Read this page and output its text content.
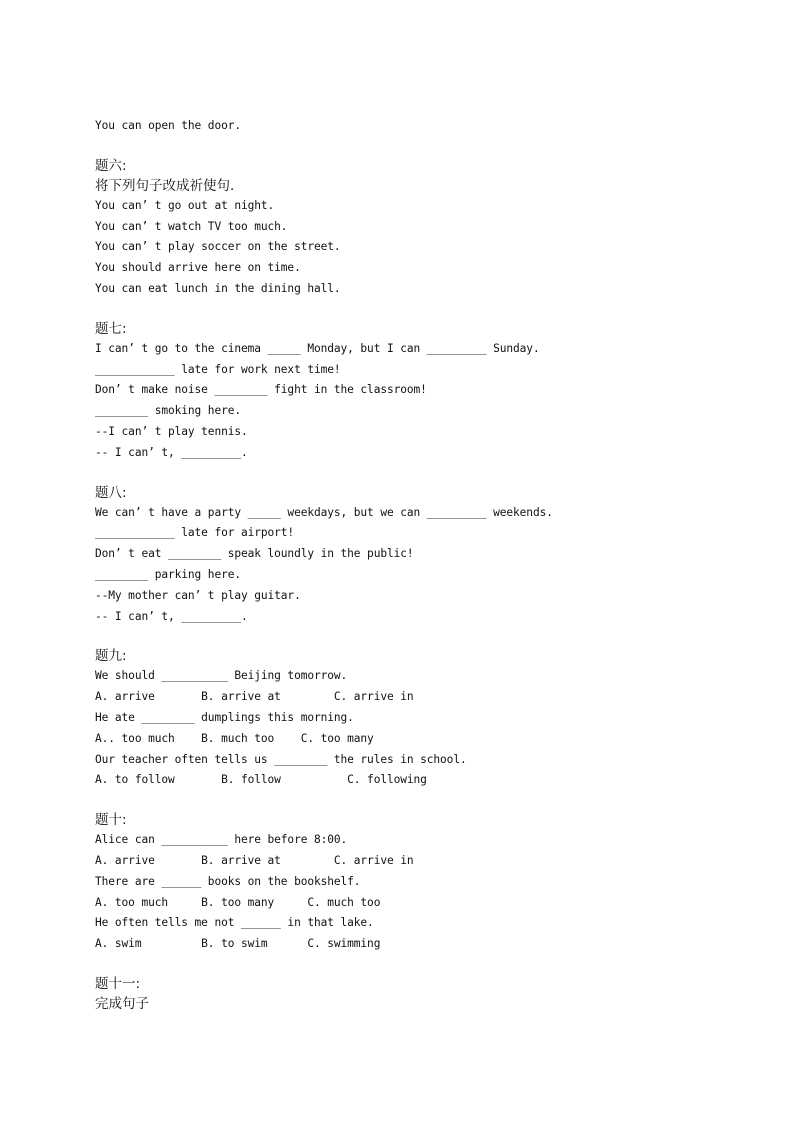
You can open the door.
题六:
将下列句子改成祈使句.
You can’ t go out at night.
You can’ t watch TV too much.
You can’ t play soccer on the street.
You should arrive here on time.
You can eat lunch in the dining hall.
题七:
I can’ t go to the cinema _____ Monday, but I can _________ Sunday.
____________ late for work next time!
Don’ t make noise ________ fight in the classroom!
________ smoking here.
--I can’ t play tennis.
-- I can’ t, _________.
题八:
We can’ t have a party _____ weekdays, but we can _________ weekends.
____________ late for airport!
Don’ t eat ________ speak loundly in the public!
________ parking here.
--My mother can’ t play guitar.
-- I can’ t, _________.
题九:
We should __________ Beijing tomorrow.
A. arrive       B. arrive at        C. arrive in
He ate ________ dumplings this morning.
A.. too much    B. much too    C. too many
Our teacher often tells us ________ the rules in school.
A. to follow       B. follow          C. following
题十:
Alice can __________ here before 8:00.
A. arrive       B. arrive at        C. arrive in
There are ______ books on the bookshelf.
A. too much     B. too many     C. much too
He often tells me not ______ in that lake.
A. swim         B. to swim      C. swimming
题十一:
完成句子
